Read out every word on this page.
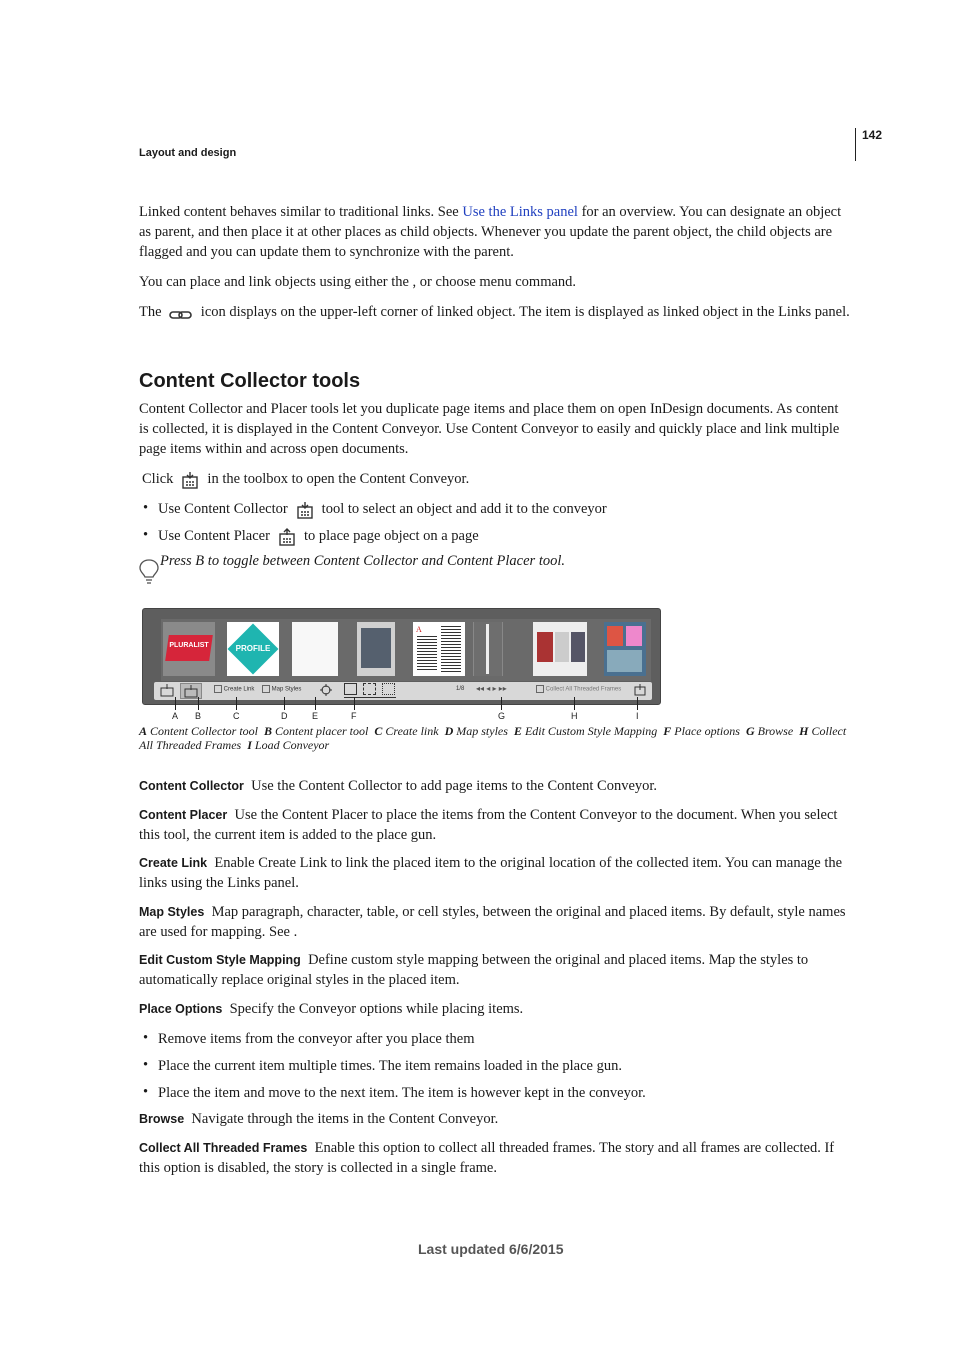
142
Layout and design

Linked content behaves similar to traditional links. See Use the Links panel for an overview. You can designate an object as parent, and then place it at other places as child objects. Whenever you update the parent object, the child objects are flagged and you can update them to synchronize with the parent.

You can place and link objects using either the , or choose menu command.

The  icon displays on the upper-left corner of linked object. The item is displayed as linked object in the Links panel.

Content Collector tools

Content Collector and Placer tools let you duplicate page items and place them on open InDesign documents. As content is collected, it is displayed in the Content Conveyor. Use Content Conveyor to easily and quickly place and link multiple page items within and across open documents.

Click in the toolbox to open the Content Conveyor.

• Use Content Collector tool to select an object and add it to the conveyor
• Use Content Placer to place page object on a page
Press B to toggle between Content Collector and Content Placer tool.
PLURALIST	PROFILE
A
Create Link	Map Styles	1/8 ◂◂ ◂ ▸ ▸▸	Collect All Threaded Frames
A B	C	D	E	F	G	H	I
A Content Collector tool B Content placer tool C Create link D Map styles E Edit Custom Style Mapping F Place options G Browse H Collect All Threaded Frames I Load Conveyor

Content Collector Use the Content Collector to add page items to the Content Conveyor.

Content Placer Use the Content Placer to place the items from the Content Conveyor to the document. When you select this tool, the current item is added to the place gun.

Create Link Enable Create Link to link the placed item to the original location of the collected item. You can manage the links using the Links panel.

Map Styles Map paragraph, character, table, or cell styles, between the original and placed items. By default, style names are used for mapping. See .

Edit Custom Style Mapping Define custom style mapping between the original and placed items. Map the styles to automatically replace original styles in the placed item.

Place Options Specify the Conveyor options while placing items.

• Remove items from the conveyor after you place them
• Place the current item multiple times. The item remains loaded in the place gun.
• Place the item and move to the next item. The item is however kept in the conveyor.

Browse Navigate through the items in the Content Conveyor.

Collect All Threaded Frames Enable this option to collect all threaded frames. The story and all frames are collected. If this option is disabled, the story is collected in a single frame.

Last updated 6/6/2015
